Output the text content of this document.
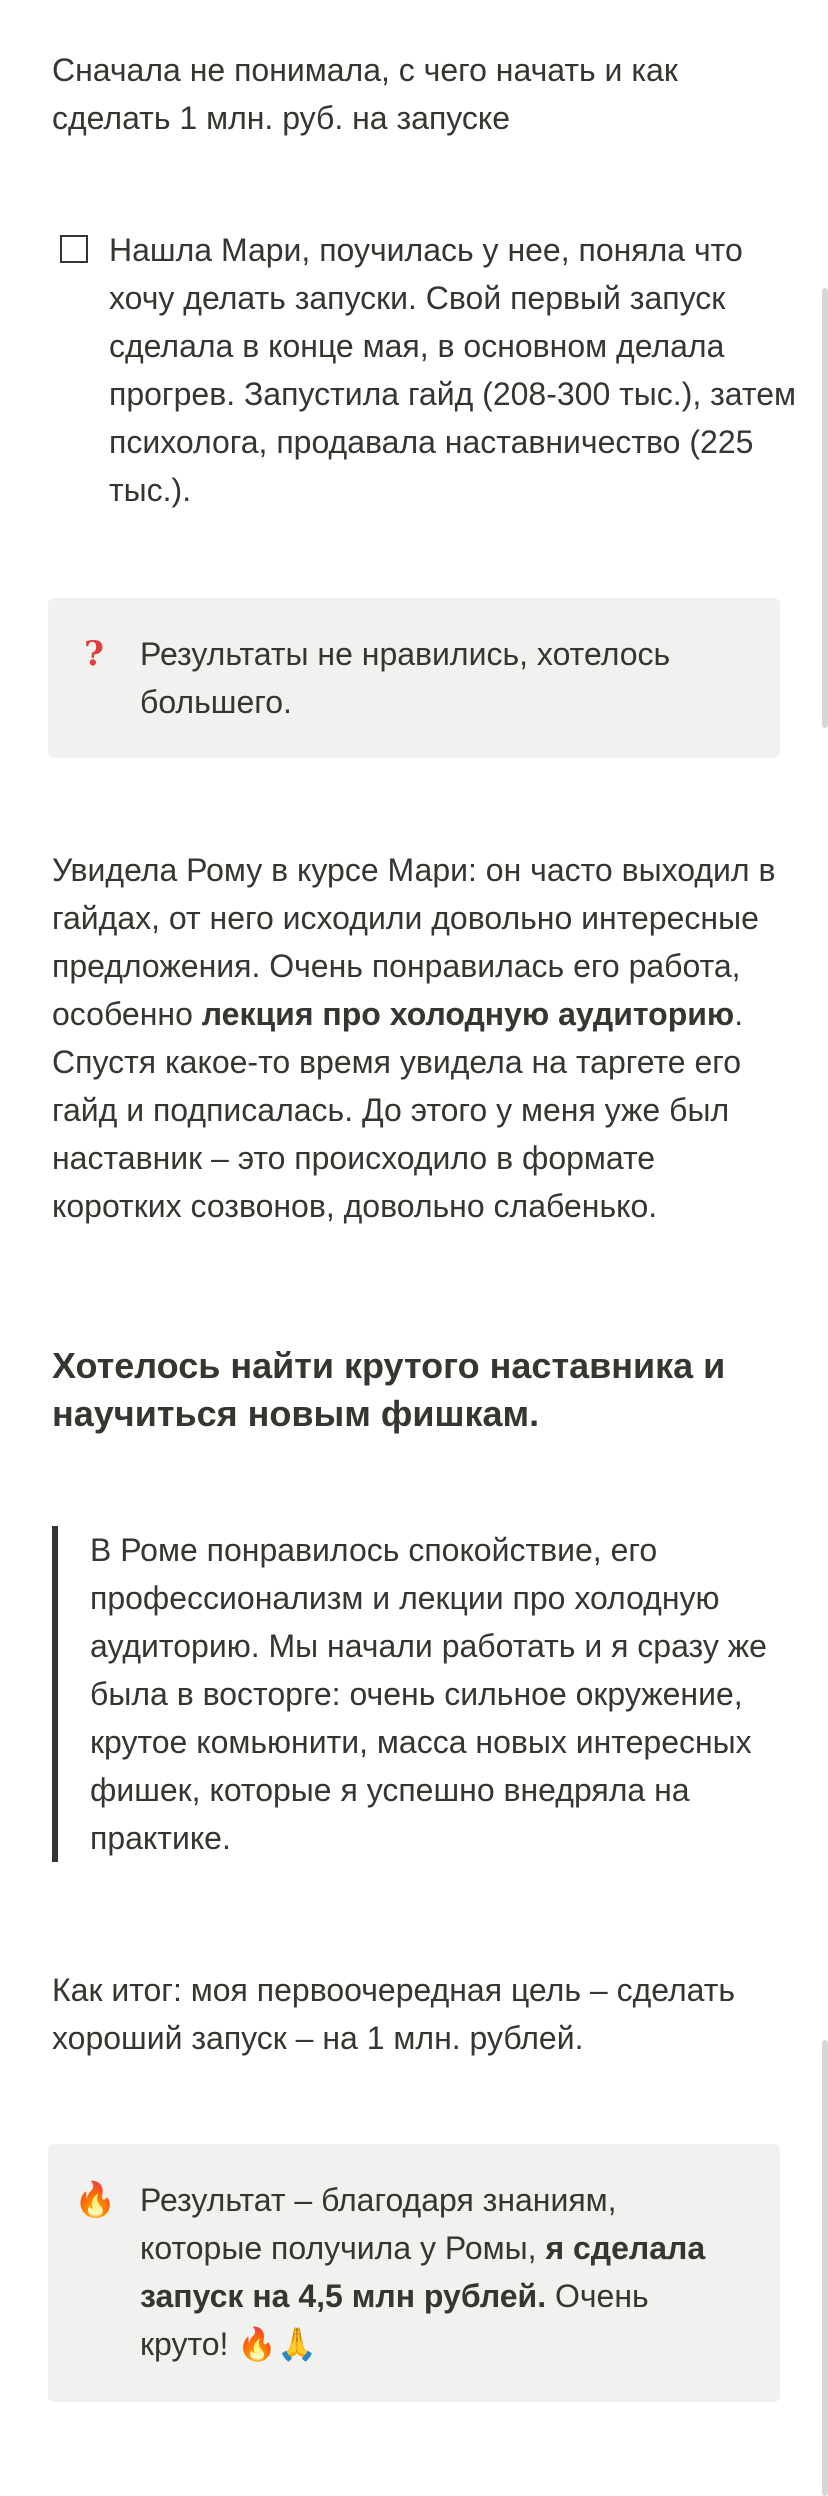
Сначала не понимала, с чего начать и как сделать 1 млн. руб. на запуске

Нашла Мари, поучилась у нее, поняла что хочу делать запуски. Свой первый запуск сделала в конце мая, в основном делала прогрев. Запустила гайд (208-300 тыс.), затем психолога, продавала наставничество (225 тыс.).
?	Результаты не нравились, хотелось большего.

Увидела Рому в курсе Мари: он часто выходил в гайдах, от него исходили довольно интересные предложения. Очень понравилась его работа, особенно лекция про холодную аудиторию. Спустя какое-то время увидела на таргете его гайд и подписалась. До этого у меня уже был наставник – это происходило в формате коротких созвонов, довольно слабенько.

Хотелось найти крутого наставника и научиться новым фишкам.
В Роме понравилось спокойствие, его профессионализм и лекции про холодную аудиторию. Мы начали работать и я сразу же была в восторге: очень сильное окружение, крутое комьюнити, масса новых интересных фишек, которые я успешно внедряла на практике.

Как итог: моя первоочередная цель – сделать хороший запуск – на 1 млн. рублей.

🔥 Результат – благодаря знаниям, которые получила у Ромы, я сделала запуск на 4,5 млн рублей. Очень круто! 🔥🙏
